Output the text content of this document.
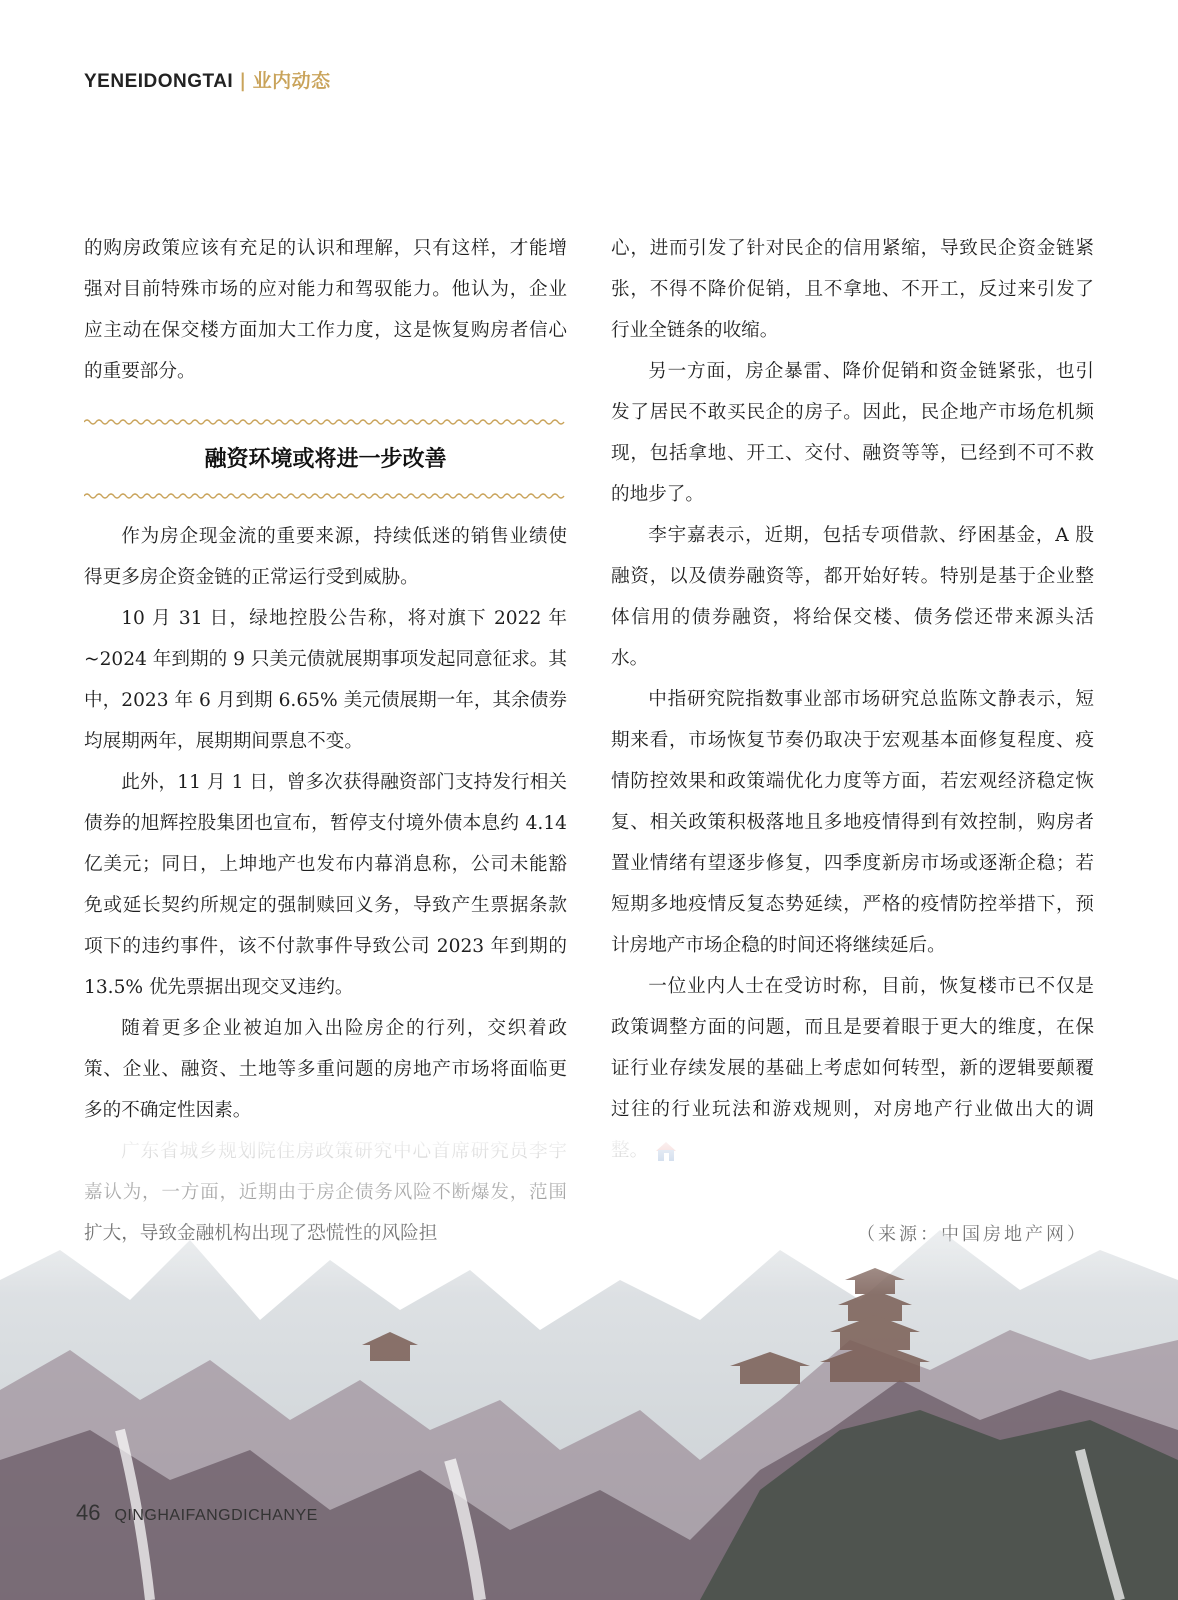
YENEIDONGTAI | 业内动态

的购房政策应该有充足的认识和理解，只有这样，才能增强对目前特殊市场的应对能力和驾驭能力。他认为，企业应主动在保交楼方面加大工作力度，这是恢复购房者信心的重要部分。

融资环境或将进一步改善

作为房企现金流的重要来源，持续低迷的销售业绩使得更多房企资金链的正常运行受到威胁。

10 月 31 日，绿地控股公告称，将对旗下 2022 年 ~2024 年到期的 9 只美元债就展期事项发起同意征求。其中，2023 年 6 月到期 6.65% 美元债展期一年，其余债券均展期两年，展期期间票息不变。

此外，11 月 1 日，曾多次获得融资部门支持发行相关债券的旭辉控股集团也宣布，暂停支付境外债本息约 4.14 亿美元；同日，上坤地产也发布内幕消息称，公司未能豁免或延长契约所规定的强制赎回义务，导致产生票据条款项下的违约事件，该不付款事件导致公司 2023 年到期的 13.5% 优先票据出现交叉违约。

随着更多企业被迫加入出险房企的行列，交织着政策、企业、融资、土地等多重问题的房地产市场将面临更多的不确定性因素。

心，进而引发了针对民企的信用紧缩，导致民企资金链紧张，不得不降价促销，且不拿地、不开工，反过来引发了行业全链条的收缩。

另一方面，房企暴雷、降价促销和资金链紧张，也引发了居民不敢买民企的房子。因此，民企地产市场危机频现，包括拿地、开工、交付、融资等等，已经到不可不救的地步了。

李宇嘉表示，近期，包括专项借款、纾困基金，A 股融资，以及债券融资等，都开始好转。特别是基于企业整体信用的债券融资，将给保交楼、债务偿还带来源头活水。

中指研究院指数事业部市场研究总监陈文静表示，短期来看，市场恢复节奏仍取决于宏观基本面修复程度、疫情防控效果和政策端优化力度等方面，若宏观经济稳定恢复、相关政策积极落地且多地疫情得到有效控制，购房者置业情绪有望逐步修复，四季度新房市场或逐渐企稳；若短期多地疫情反复态势延续，严格的疫情防控举措下，预计房地产市场企稳的时间还将继续延后。

一位业内人士在受访时称，目前，恢复楼市已不仅是政策调整方面的问题，而且是要着眼于更大的维度，在保证行业存续发展的基础上考虑如何转型，新的逻辑要颠覆过往的行业玩法和游戏规则，对房地产行业做出大的调

46 QINGHAIFANGDICHANYE
